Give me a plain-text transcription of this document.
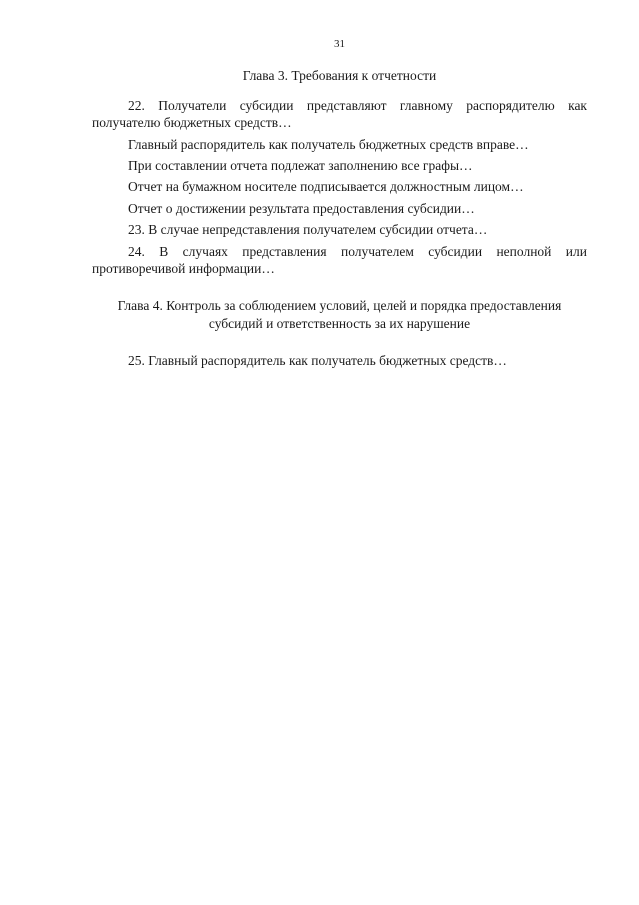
31
Глава 3. Требования к отчетности

22. Получатели субсидии представляют главному распорядителю как получателю бюджетных средств…

Главный распорядитель как получатель бюджетных средств вправе…

При составлении отчета подлежат заполнению все графы…

Отчет на бумажном носителе подписывается должностным лицом…

Отчет о достижении результата предоставления субсидии…

23. В случае непредставления получателем субсидии отчета…

24. В случаях представления получателем субсидии неполной или противоречивой информации…

Глава 4. Контроль за соблюдением условий, целей и порядка предоставления субсидий и ответственность за их нарушение

25. Главный распорядитель как получатель бюджетных средств…
